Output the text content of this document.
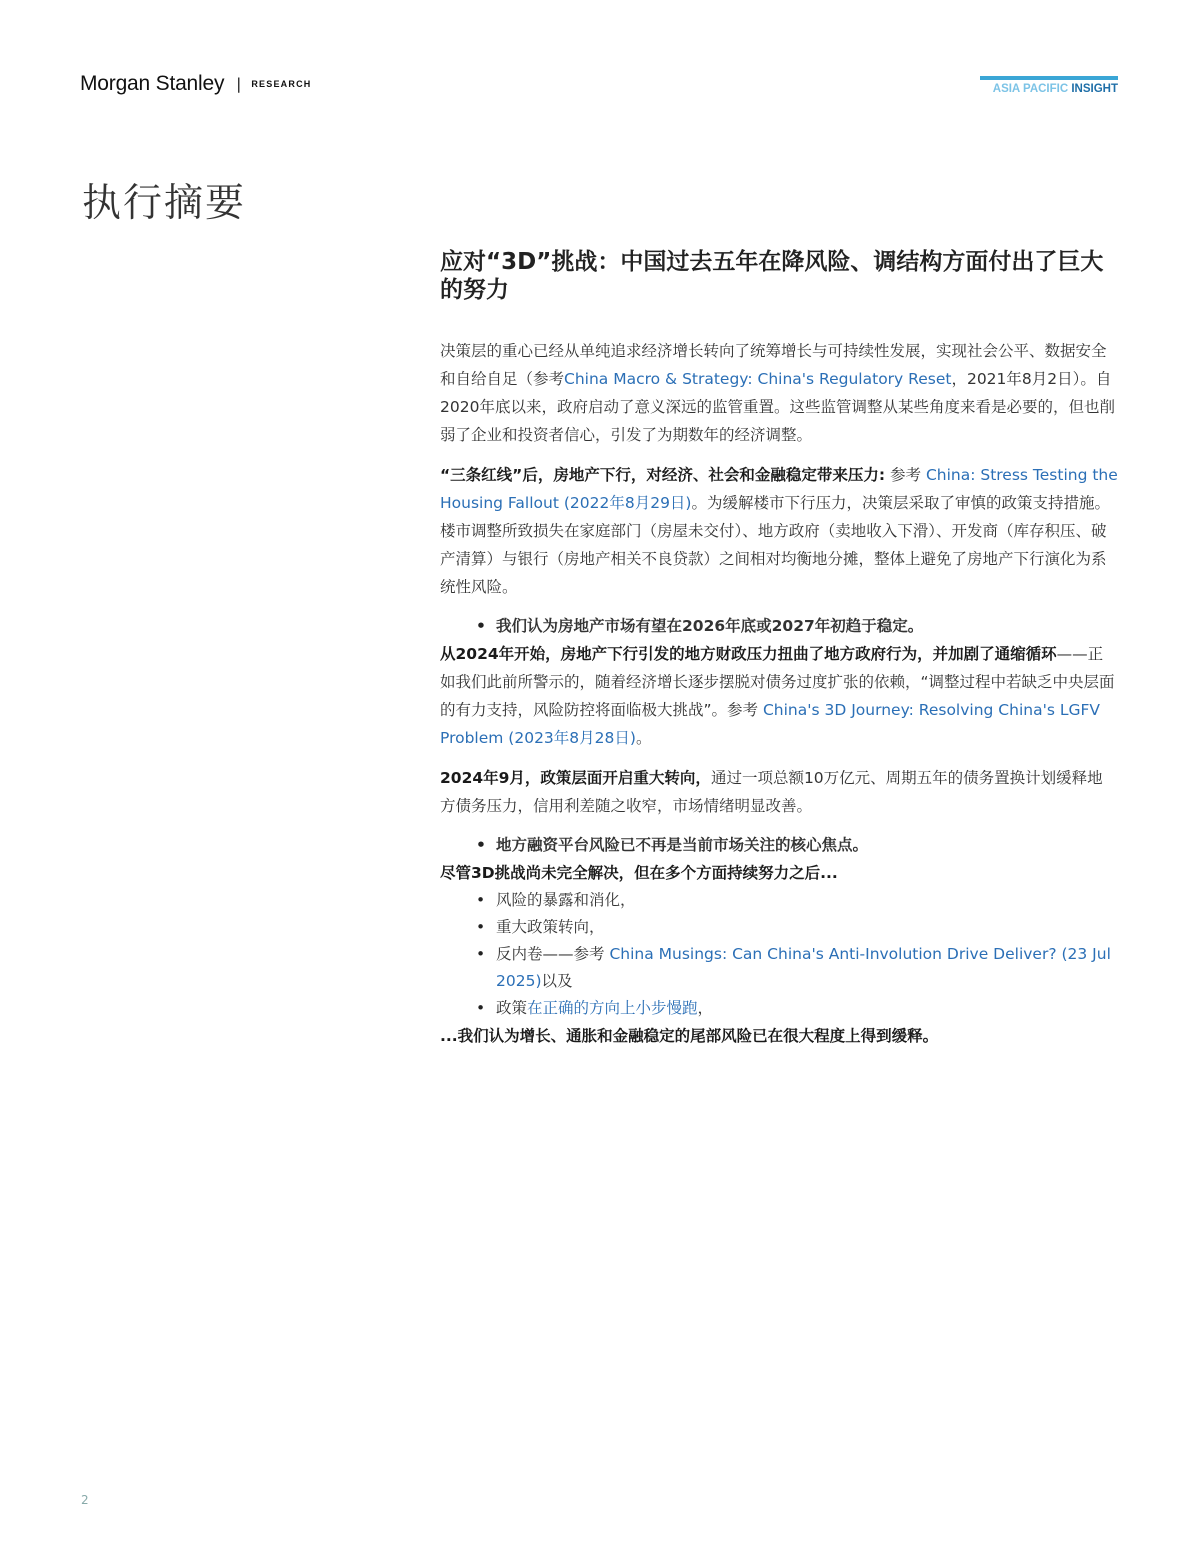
Morgan Stanley | RESEARCH	ASIA PACIFIC INSIGHT
执行摘要
应对“3D”挑战：中国过去五年在降风险、调结构方面付出了巨大的努力

决策层的重心已经从单纯追求经济增长转向了统筹增长与可持续性发展，实现社会公平、数据安全和自给自足（参考China Macro & Strategy: China's Regulatory Reset，2021年8月2日）。自2020年底以来，政府启动了意义深远的监管重置。这些监管调整从某些角度来看是必要的，但也削弱了企业和投资者信心，引发了为期数年的经济调整。

“三条红线”后，房地产下行，对经济、社会和金融稳定带来压力: 参考 China: Stress Testing the Housing Fallout (2022年8月29日)。为缓解楼市下行压力，决策层采取了审慎的政策支持措施。楼市调整所致损失在家庭部门（房屋未交付）、地方政府（卖地收入下滑）、开发商（库存积压、破产清算）与银行（房地产相关不良贷款）之间相对均衡地分摊，整体上避免了房地产下行演化为系统性风险。

• 我们认为房地产市场有望在2026年底或2027年初趋于稳定。

从2024年开始，房地产下行引发的地方财政压力扭曲了地方政府行为，并加剧了通缩循环——正如我们此前所警示的，随着经济增长逐步摆脱对债务过度扩张的依赖，“调整过程中若缺乏中央层面的有力支持，风险防控将面临极大挑战”。参考 China's 3D Journey: Resolving China's LGFV Problem (2023年8月28日)。

2024年9月，政策层面开启重大转向，通过一项总额10万亿元、周期五年的债务置换计划缓释地方债务压力，信用利差随之收窄，市场情绪明显改善。

• 地方融资平台风险已不再是当前市场关注的核心焦点。

尽管3D挑战尚未完全解决，但在多个方面持续努力之后...

• 风险的暴露和消化，
• 重大政策转向，
• 反内卷——参考 China Musings: Can China's Anti-Involution Drive Deliver? (23 Jul 2025)以及
• 政策在正确的方向上小步慢跑，

...我们认为增长、通胀和金融稳定的尾部风险已在很大程度上得到缓释。

2
